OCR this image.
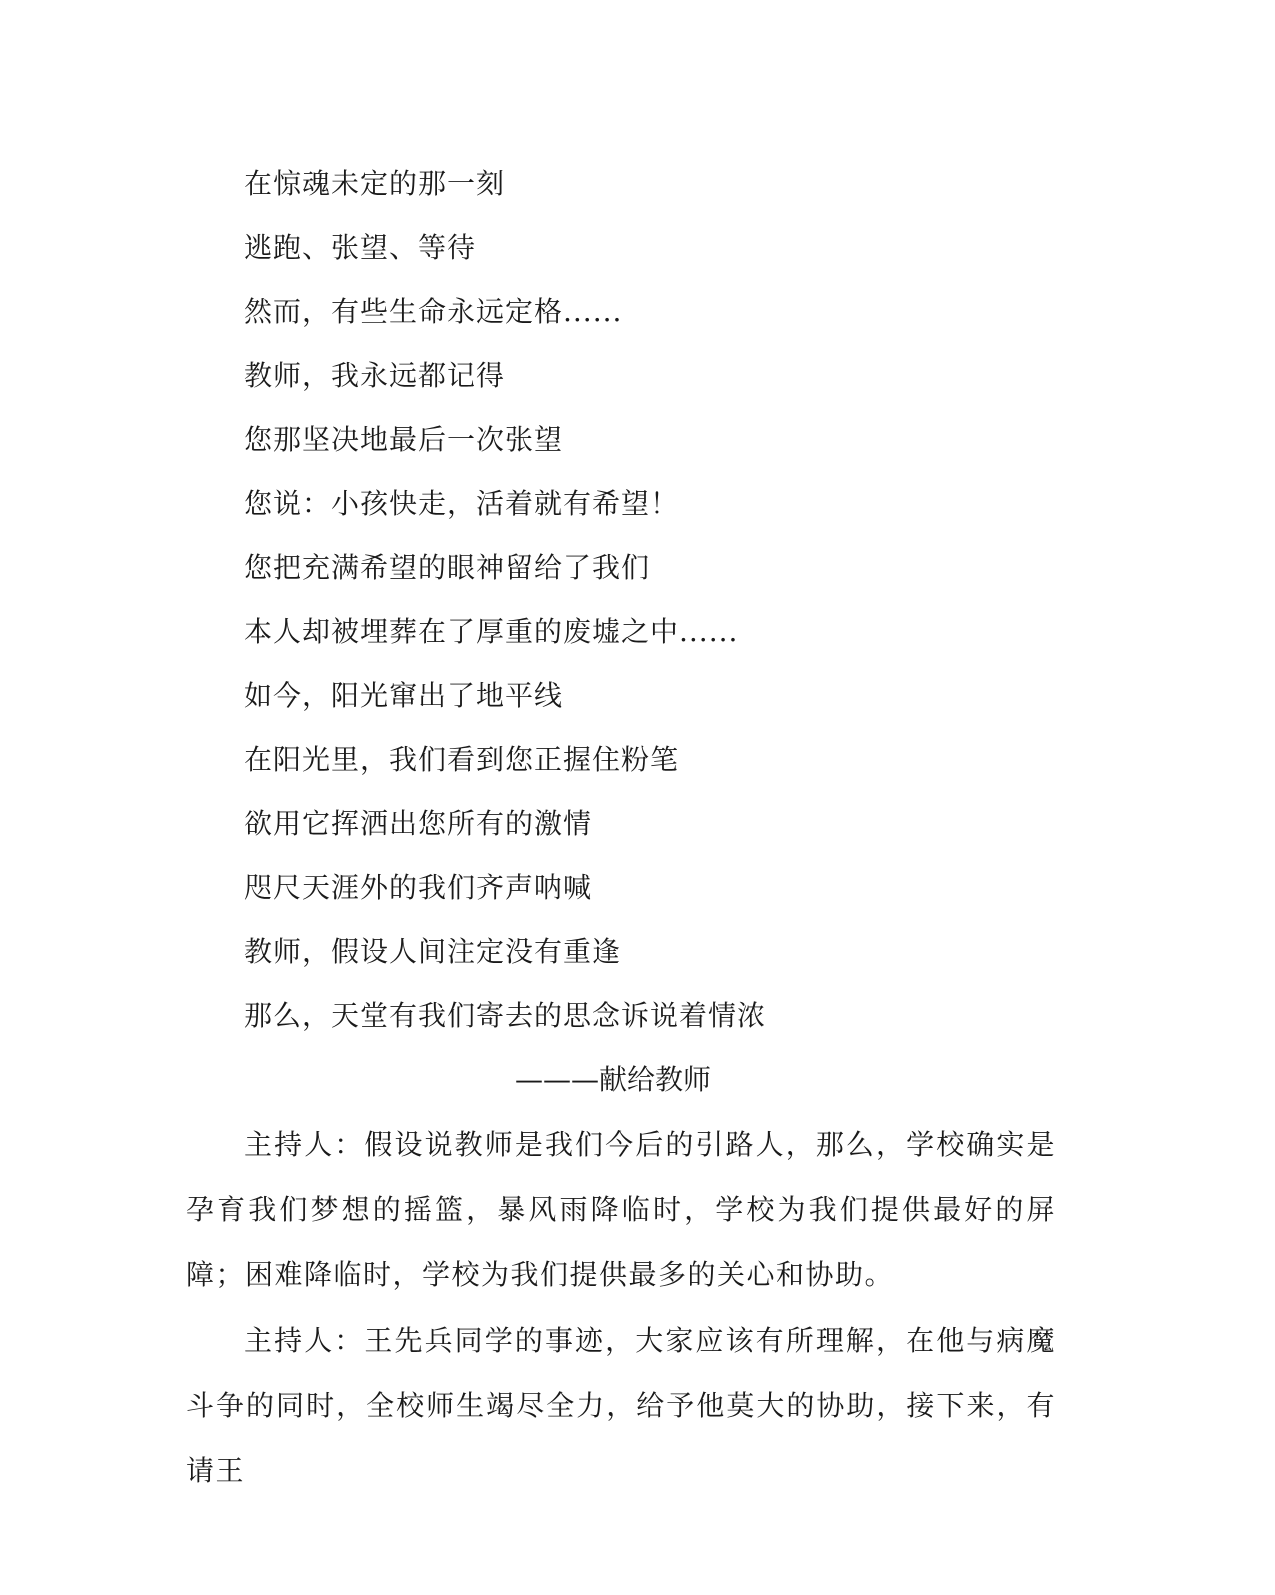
在惊魂未定的那一刻
逃跑、张望、等待
然而，有些生命永远定格......
教师，我永远都记得
您那坚决地最后一次张望
您说：小孩快走，活着就有希望！
您把充满希望的眼神留给了我们
本人却被埋葬在了厚重的废墟之中......
如今，阳光窜出了地平线
在阳光里，我们看到您正握住粉笔
欲用它挥洒出您所有的激情
咫尺天涯外的我们齐声呐喊
教师，假设人间注定没有重逢
那么，天堂有我们寄去的思念诉说着情浓
———献给教师

主持人：假设说教师是我们今后的引路人，那么，学校确实是孕育我们梦想的摇篮，暴风雨降临时，学校为我们提供最好的屏障；困难降临时，学校为我们提供最多的关心和协助。

主持人：王先兵同学的事迹，大家应该有所理解，在他与病魔斗争的同时，全校师生竭尽全力，给予他莫大的协助，接下来，有请王
